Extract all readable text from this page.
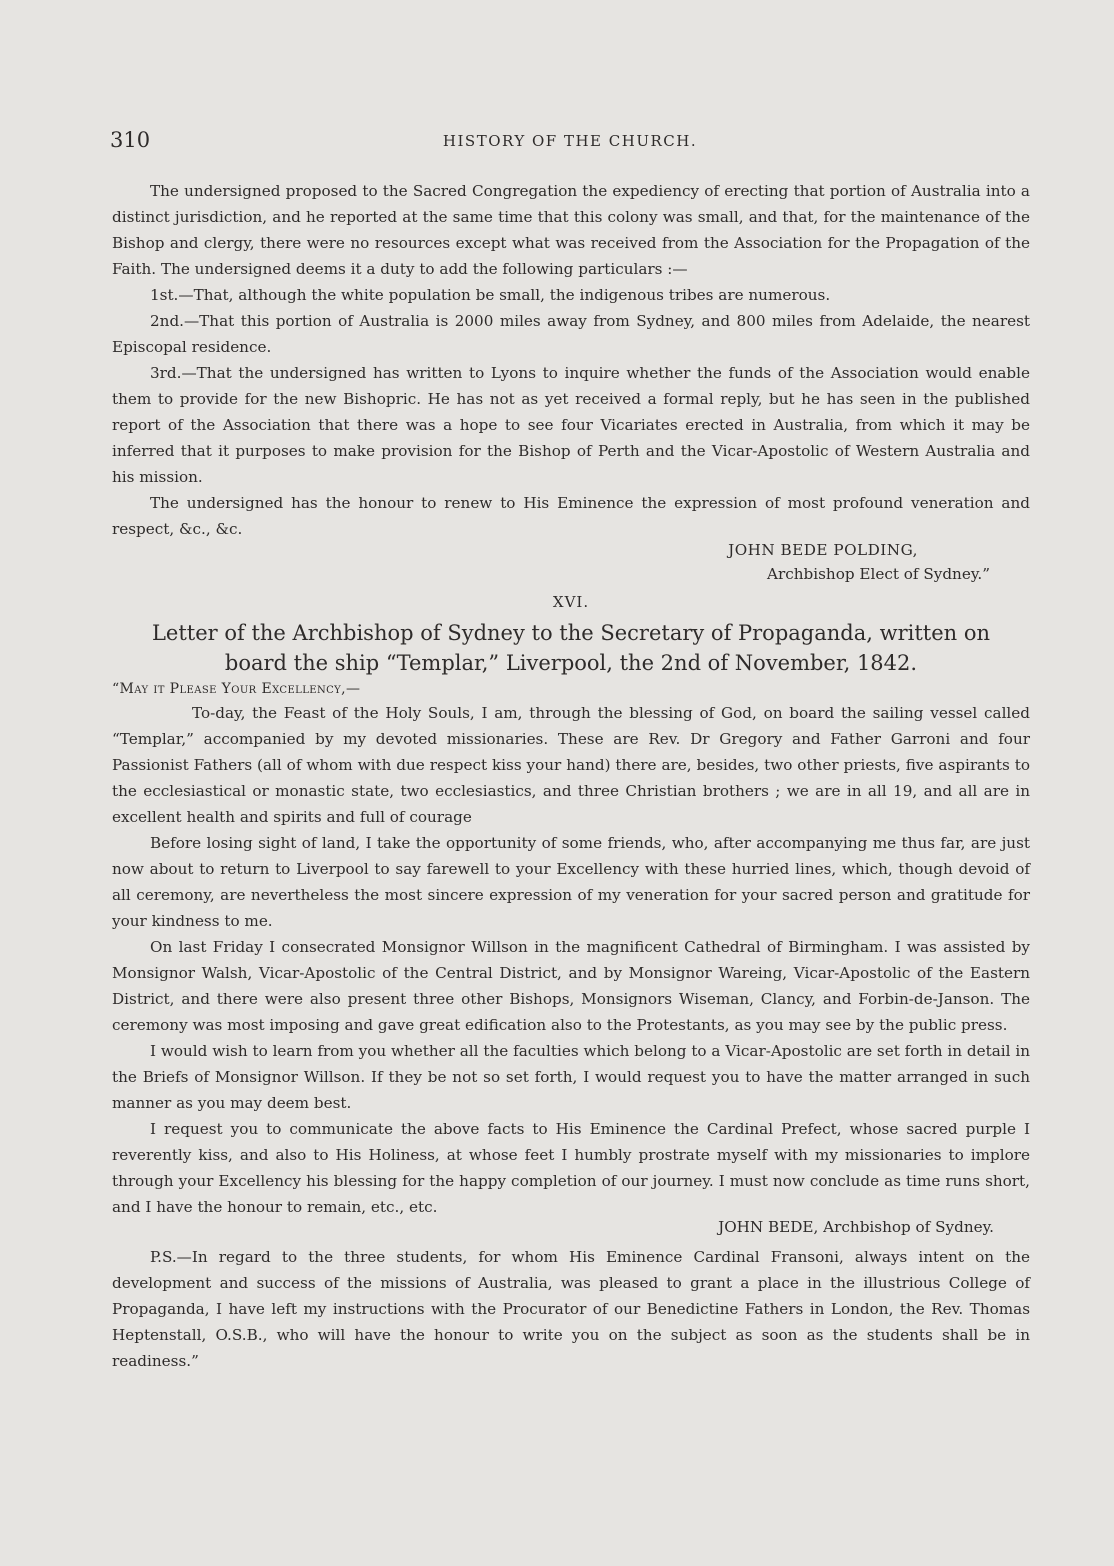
310	HISTORY OF THE CHURCH.

The undersigned proposed to the Sacred Congregation the expediency of erecting that portion of Australia into a distinct jurisdiction, and he reported at the same time that this colony was small, and that, for the maintenance of the Bishop and clergy, there were no resources except what was received from the Association for the Propagation of the Faith. The undersigned deems it a duty to add the following particulars :—

1st.—That, although the white population be small, the indigenous tribes are numerous.

2nd.—That this portion of Australia is 2000 miles away from Sydney, and 800 miles from Adelaide, the nearest Episcopal residence.

3rd.—That the undersigned has written to Lyons to inquire whether the funds of the Association would enable them to provide for the new Bishopric. He has not as yet received a formal reply, but he has seen in the published report of the Association that there was a hope to see four Vicariates erected in Australia, from which it may be inferred that it purposes to make provision for the Bishop of Perth and the Vicar-Apostolic of Western Australia and his mission.

The undersigned has the honour to renew to His Eminence the expression of most profound veneration and respect, &c., &c.

JOHN BEDE POLDING,

Archbishop Elect of Sydney.”

XVI.

Letter of the Archbishop of Sydney to the Secretary of Propaganda, written on board the ship “Templar,” Liverpool, the 2nd of November, 1842.

“May it Please Your Excellency,—

To-day, the Feast of the Holy Souls, I am, through the blessing of God, on board the sailing vessel called “Templar,” accompanied by my devoted missionaries. These are Rev. Dr Gregory and Father Garroni and four Passionist Fathers (all of whom with due respect kiss your hand) there are, besides, two other priests, five aspirants to the ecclesiastical or monastic state, two ecclesiastics, and three Christian brothers ; we are in all 19, and all are in excellent health and spirits and full of courage

Before losing sight of land, I take the opportunity of some friends, who, after accompanying me thus far, are just now about to return to Liverpool to say farewell to your Excellency with these hurried lines, which, though devoid of all ceremony, are nevertheless the most sincere expression of my veneration for your sacred person and gratitude for your kindness to me.

On last Friday I consecrated Monsignor Willson in the magnificent Cathedral of Birmingham. I was assisted by Monsignor Walsh, Vicar-Apostolic of the Central District, and by Monsignor Wareing, Vicar-Apostolic of the Eastern District, and there were also present three other Bishops, Monsignors Wiseman, Clancy, and Forbin-de-Janson. The ceremony was most imposing and gave great edification also to the Protestants, as you may see by the public press.

I would wish to learn from you whether all the faculties which belong to a Vicar-Apostolic are set forth in detail in the Briefs of Monsignor Willson. If they be not so set forth, I would request you to have the matter arranged in such manner as you may deem best.

I request you to communicate the above facts to His Eminence the Cardinal Prefect, whose sacred purple I reverently kiss, and also to His Holiness, at whose feet I humbly prostrate myself with my missionaries to implore through your Excellency his blessing for the happy completion of our journey. I must now conclude as time runs short, and I have the honour to remain, etc., etc.

JOHN BEDE, Archbishop of Sydney.

P.S.—In regard to the three students, for whom His Eminence Cardinal Fransoni, always intent on the development and success of the missions of Australia, was pleased to grant a place in the illustrious College of Propaganda, I have left my instructions with the Procurator of our Benedictine Fathers in London, the Rev. Thomas Heptenstall, O.S.B., who will have the honour to write you on the subject as soon as the students shall be in readiness.”
